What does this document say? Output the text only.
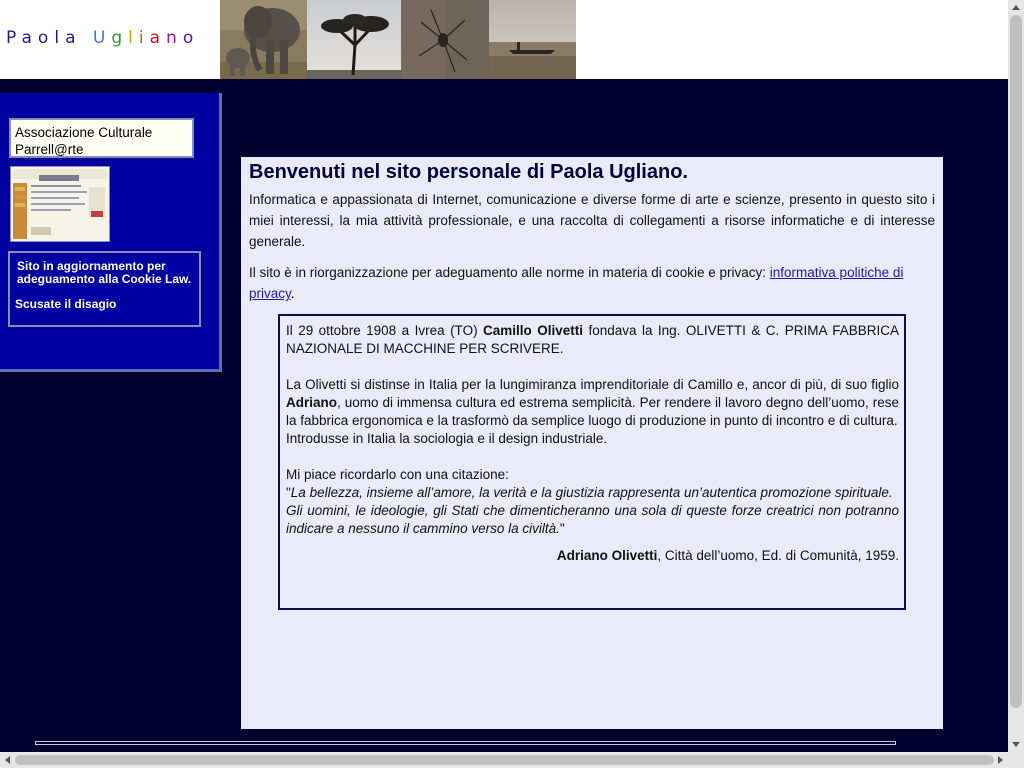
Paola Ugliano
Associazione Culturale Parrell@rte
Sito in aggiornamento per adeguamento alla Cookie Law.
Scusate il disagio
Benvenuti nel sito personale di Paola Ugliano.

Informatica e appassionata di Internet, comunicazione e diverse forme di arte e scienze, presento in questo sito i miei interessi, la mia attività professionale, e una raccolta di collegamenti a risorse informatiche e di interesse generale.

Il sito è in riorganizzazione per adeguamento alle norme in materia di cookie e privacy: informativa politiche di privacy.

Il 29 ottobre 1908 a Ivrea (TO) Camillo Olivetti fondava la Ing. OLIVETTI & C. PRIMA FABBRICA NAZIONALE DI MACCHINE PER SCRIVERE.

La Olivetti si distinse in Italia per la lungimiranza imprenditoriale di Camillo e, ancor di più, di suo figlio Adriano, uomo di immensa cultura ed estrema semplicità. Per rendere il lavoro degno dell’uomo, rese la fabbrica ergonomica e la trasformò da semplice luogo di produzione in punto di incontro e di cultura.

Introdusse in Italia la sociologia e il design industriale.

Mi piace ricordarlo con una citazione:

"La bellezza, insieme all’amore, la verità e la giustizia rappresenta un’autentica promozione spirituale.
Gli uomini, le ideologie, gli Stati che dimenticheranno una sola di queste forze creatrici non potranno indicare a nessuno il cammino verso la civiltà."

Adriano Olivetti, Città dell’uomo, Ed. di Comunità, 1959.
